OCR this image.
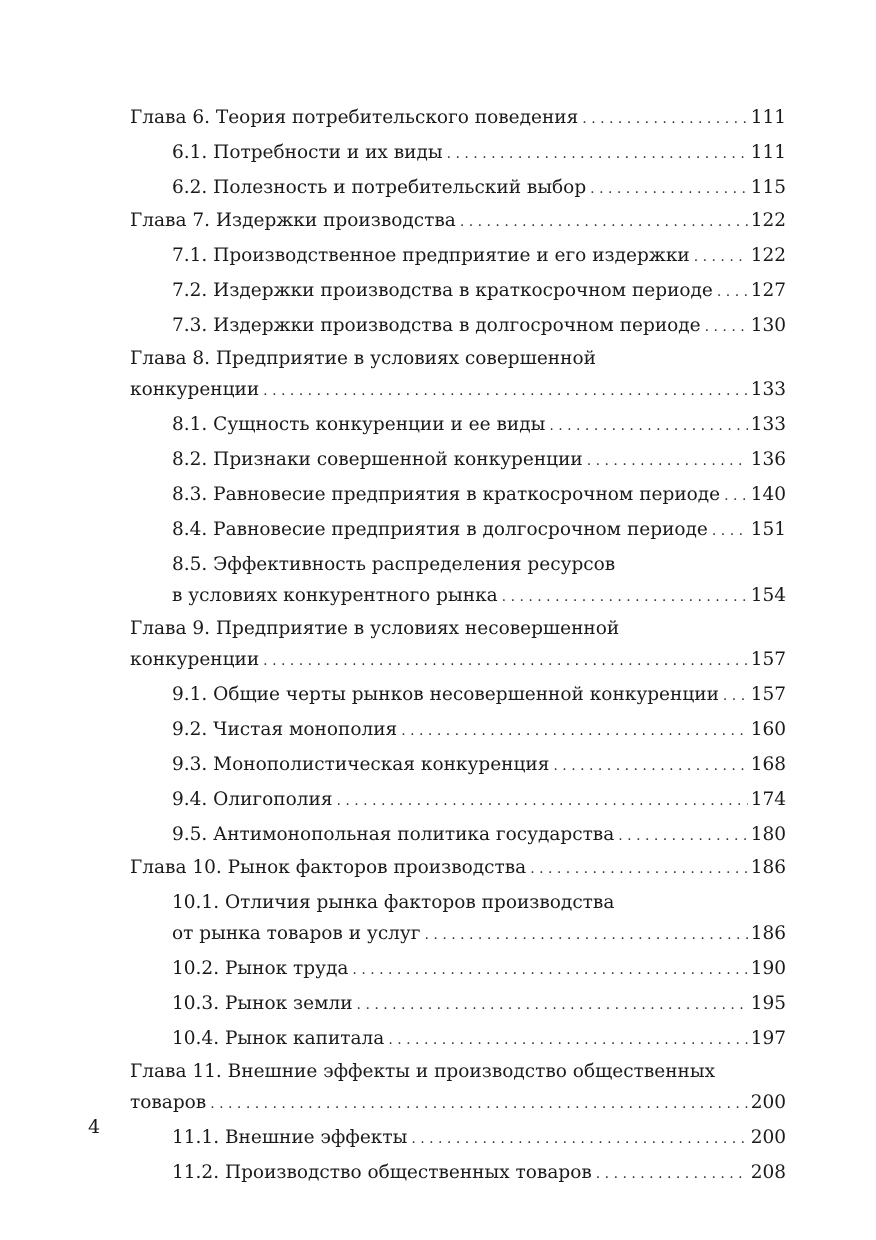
Глава 6. Теория потребительского поведения . . .	111
6.1. Потребности и их виды . . .	111
6.2. Полезность и потребительский выбор . . .	115
Глава 7. Издержки производства . . .	122
7.1. Производственное предприятие и его издержки . . .	122
7.2. Издержки производства в краткосрочном периоде . . . 127
7.3. Издержки производства в долгосрочном периоде . . .	130
Глава 8. Предприятие в условиях совершенной
конкуренции . . .	133
8.1. Сущность конкуренции и ее виды . . .	133
8.2. Признаки совершенной конкуренции . . .	136
8.3. Равновесие предприятия в краткосрочном периоде . . . 140
8.4. Равновесие предприятия в долгосрочном периоде . . . 151
8.5. Эффективность распределения ресурсов
в условиях конкурентного рынка . . .	154
Глава 9. Предприятие в условиях несовершенной
конкуренции . . .	157
9.1. Общие черты рынков несовершенной конкуренции . . . 157
9.2. Чистая монополия . . .	160
9.3. Монополистическая конкуренция . . .	168
9.4. Олигополия . . .	174
9.5. Антимонопольная политика государства . . .	180
Глава 10. Рынок факторов производства . . .	186
10.1. Отличия рынка факторов производства
от рынка товаров и услуг . . .	186
10.2. Рынок труда . . .	190
10.3. Рынок земли . . .	195
10.4. Рынок капитала . . .	197
Глава 11. Внешние эффекты и производство общественных
товаров . . .	200
11.1. Внешние эффекты . . .	200
11.2. Производство общественных товаров . . .	208
4
